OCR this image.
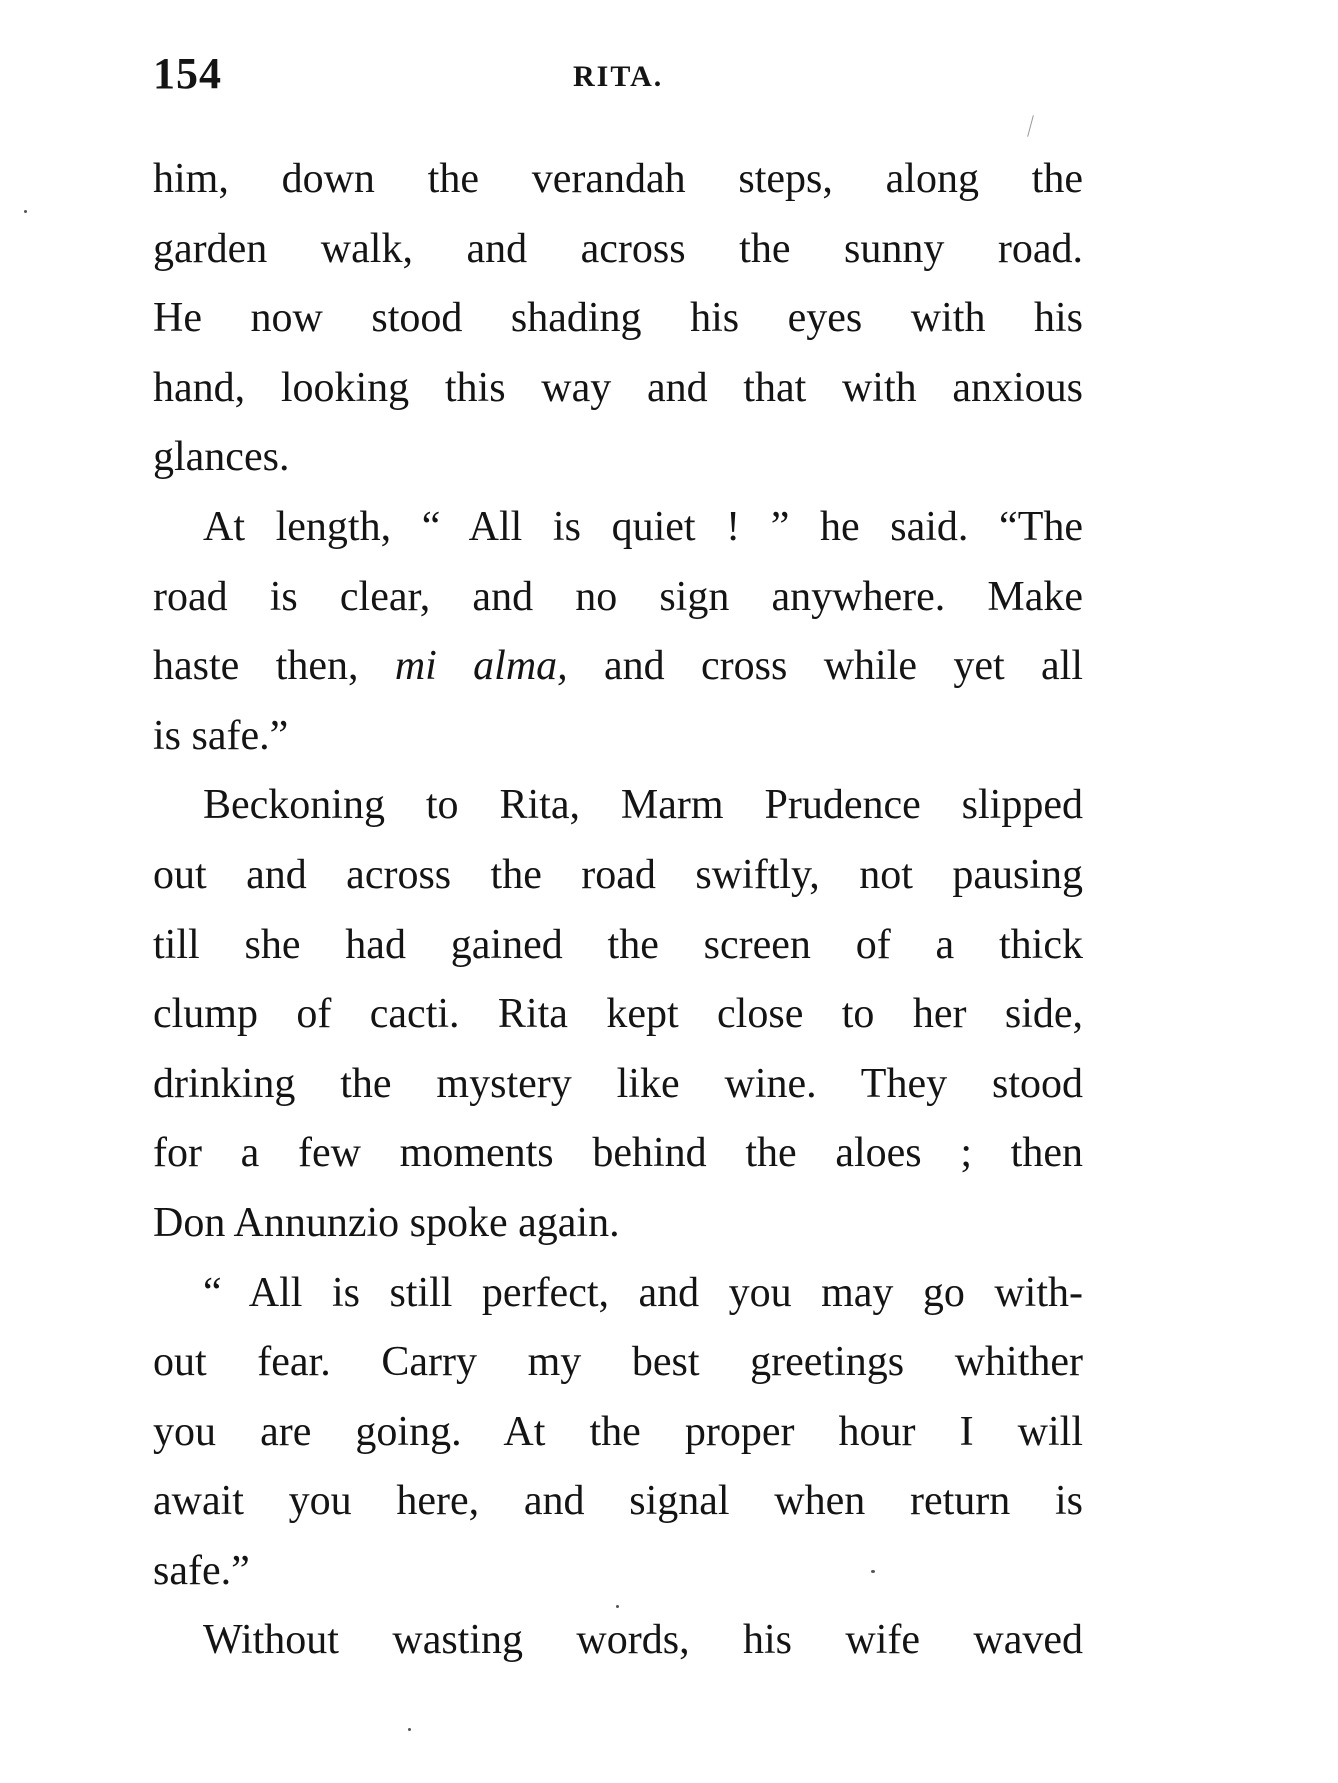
154	RITA.
him, down the verandah steps, along the
garden walk, and across the sunny road.
He now stood shading his eyes with his
hand, looking this way and that with anxious
glances.
At length, “ All is quiet ! ” he said. “The
road is clear, and no sign anywhere. Make
haste then, mi alma, and cross while yet all
is safe.”
Beckoning to Rita, Marm Prudence slipped
out and across the road swiftly, not pausing
till she had gained the screen of a thick
clump of cacti. Rita kept close to her side,
drinking the mystery like wine. They stood
for a few moments behind the aloes ; then
Don Annunzio spoke again.
“ All is still perfect, and you may go with-
out fear. Carry my best greetings whither
you are going. At the proper hour I will
await you here, and signal when return is
safe.”
Without wasting words, his wife waved
